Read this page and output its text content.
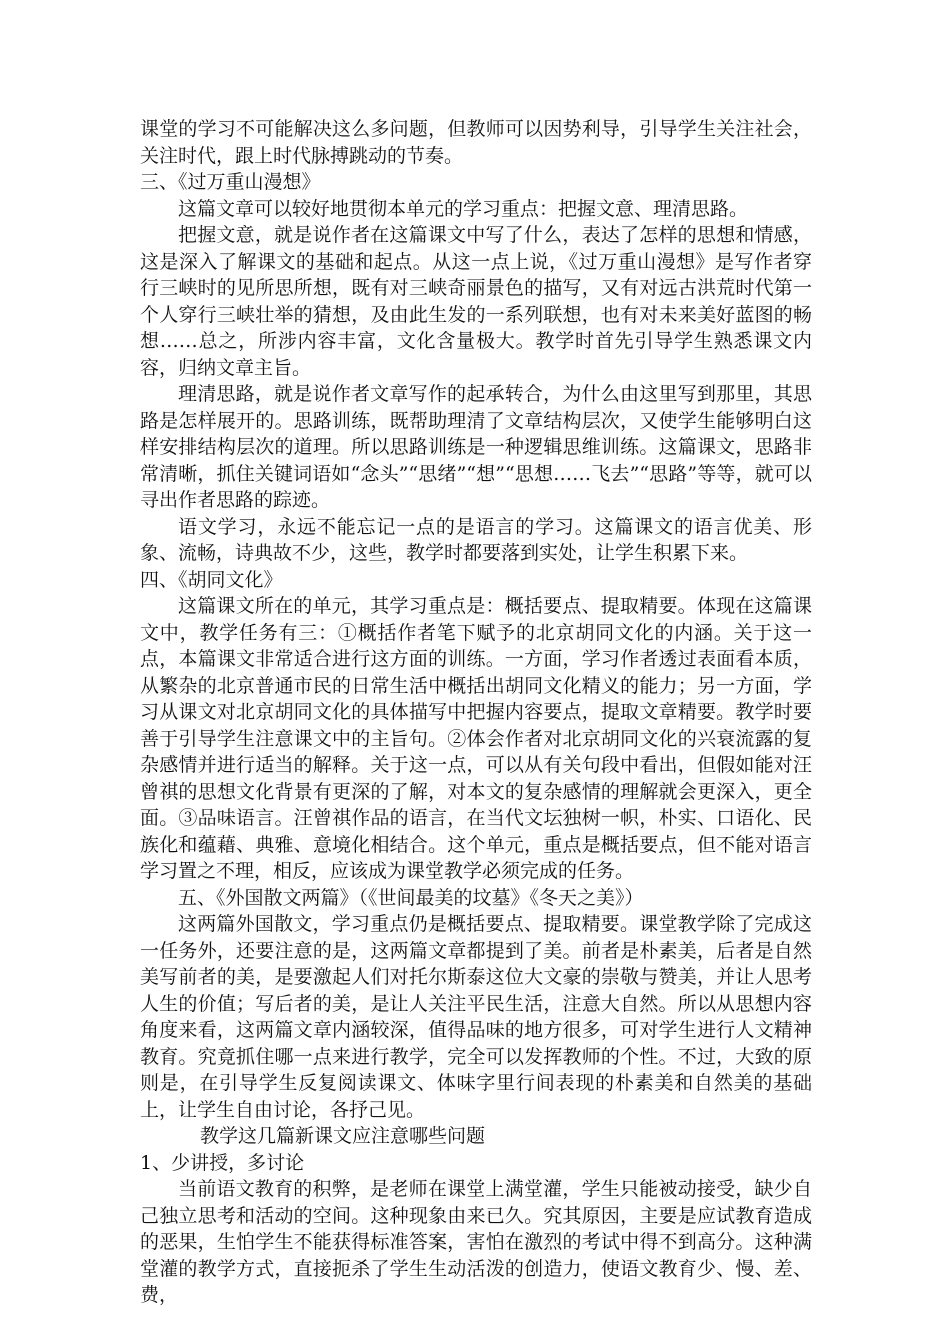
课堂的学习不可能解决这么多问题，但教师可以因势利导，引导学生关注社会，关注时代，跟上时代脉搏跳动的节奏。

三、《过万重山漫想》

这篇文章可以较好地贯彻本单元的学习重点：把握文意、理清思路。

把握文意，就是说作者在这篇课文中写了什么，表达了怎样的思想和情感，这是深入了解课文的基础和起点。从这一点上说，《过万重山漫想》是写作者穿行三峡时的见所思所想，既有对三峡奇丽景色的描写，又有对远古洪荒时代第一个人穿行三峡壮举的猜想，及由此生发的一系列联想，也有对未来美好蓝图的畅想……总之，所涉内容丰富，文化含量极大。教学时首先引导学生熟悉课文内容，归纳文章主旨。

理清思路，就是说作者文章写作的起承转合，为什么由这里写到那里，其思路是怎样展开的。思路训练，既帮助理清了文章结构层次，又使学生能够明白这样安排结构层次的道理。所以思路训练是一种逻辑思维训练。这篇课文，思路非常清晰，抓住关键词语如“念头”“思绪”“想”“思想……飞去”“思路”等等，就可以寻出作者思路的踪迹。

语文学习，永远不能忘记一点的是语言的学习。这篇课文的语言优美、形象、流畅，诗典故不少，这些，教学时都要落到实处，让学生积累下来。

四、《胡同文化》

这篇课文所在的单元，其学习重点是：概括要点、提取精要。体现在这篇课文中，教学任务有三：①概括作者笔下赋予的北京胡同文化的内涵。关于这一点，本篇课文非常适合进行这方面的训练。一方面，学习作者透过表面看本质，从繁杂的北京普通市民的日常生活中概括出胡同文化精义的能力；另一方面，学习从课文对北京胡同文化的具体描写中把握内容要点，提取文章精要。教学时要善于引导学生注意课文中的主旨句。②体会作者对北京胡同文化的兴衰流露的复杂感情并进行适当的解释。关于这一点，可以从有关句段中看出，但假如能对汪曾祺的思想文化背景有更深的了解，对本文的复杂感情的理解就会更深入，更全面。③品味语言。汪曾祺作品的语言，在当代文坛独树一帜，朴实、口语化、民族化和蕴藉、典雅、意境化相结合。这个单元，重点是概括要点，但不能对语言学习置之不理，相反，应该成为课堂教学必须完成的任务。

五、《外国散文两篇》（《世间最美的坟墓》《冬天之美》）

这两篇外国散文，学习重点仍是概括要点、提取精要。课堂教学除了完成这一任务外，还要注意的是，这两篇文章都提到了美。前者是朴素美，后者是自然美写前者的美，是要激起人们对托尔斯泰这位大文豪的崇敬与赞美，并让人思考人生的价值；写后者的美，是让人关注平民生活，注意大自然。所以从思想内容角度来看，这两篇文章内涵较深，值得品味的地方很多，可对学生进行人文精神教育。究竟抓住哪一点来进行教学，完全可以发挥教师的个性。不过，大致的原则是，在引导学生反复阅读课文、体味字里行间表现的朴素美和自然美的基础上，让学生自由讨论，各抒己见。

教学这几篇新课文应注意哪些问题

1、少讲授，多讨论

当前语文教育的积弊，是老师在课堂上满堂灌，学生只能被动接受，缺少自己独立思考和活动的空间。这种现象由来已久。究其原因，主要是应试教育造成的恶果，生怕学生不能获得标准答案，害怕在激烈的考试中得不到高分。这种满堂灌的教学方式，直接扼杀了学生生动活泼的创造力，使语文教育少、慢、差、费，
